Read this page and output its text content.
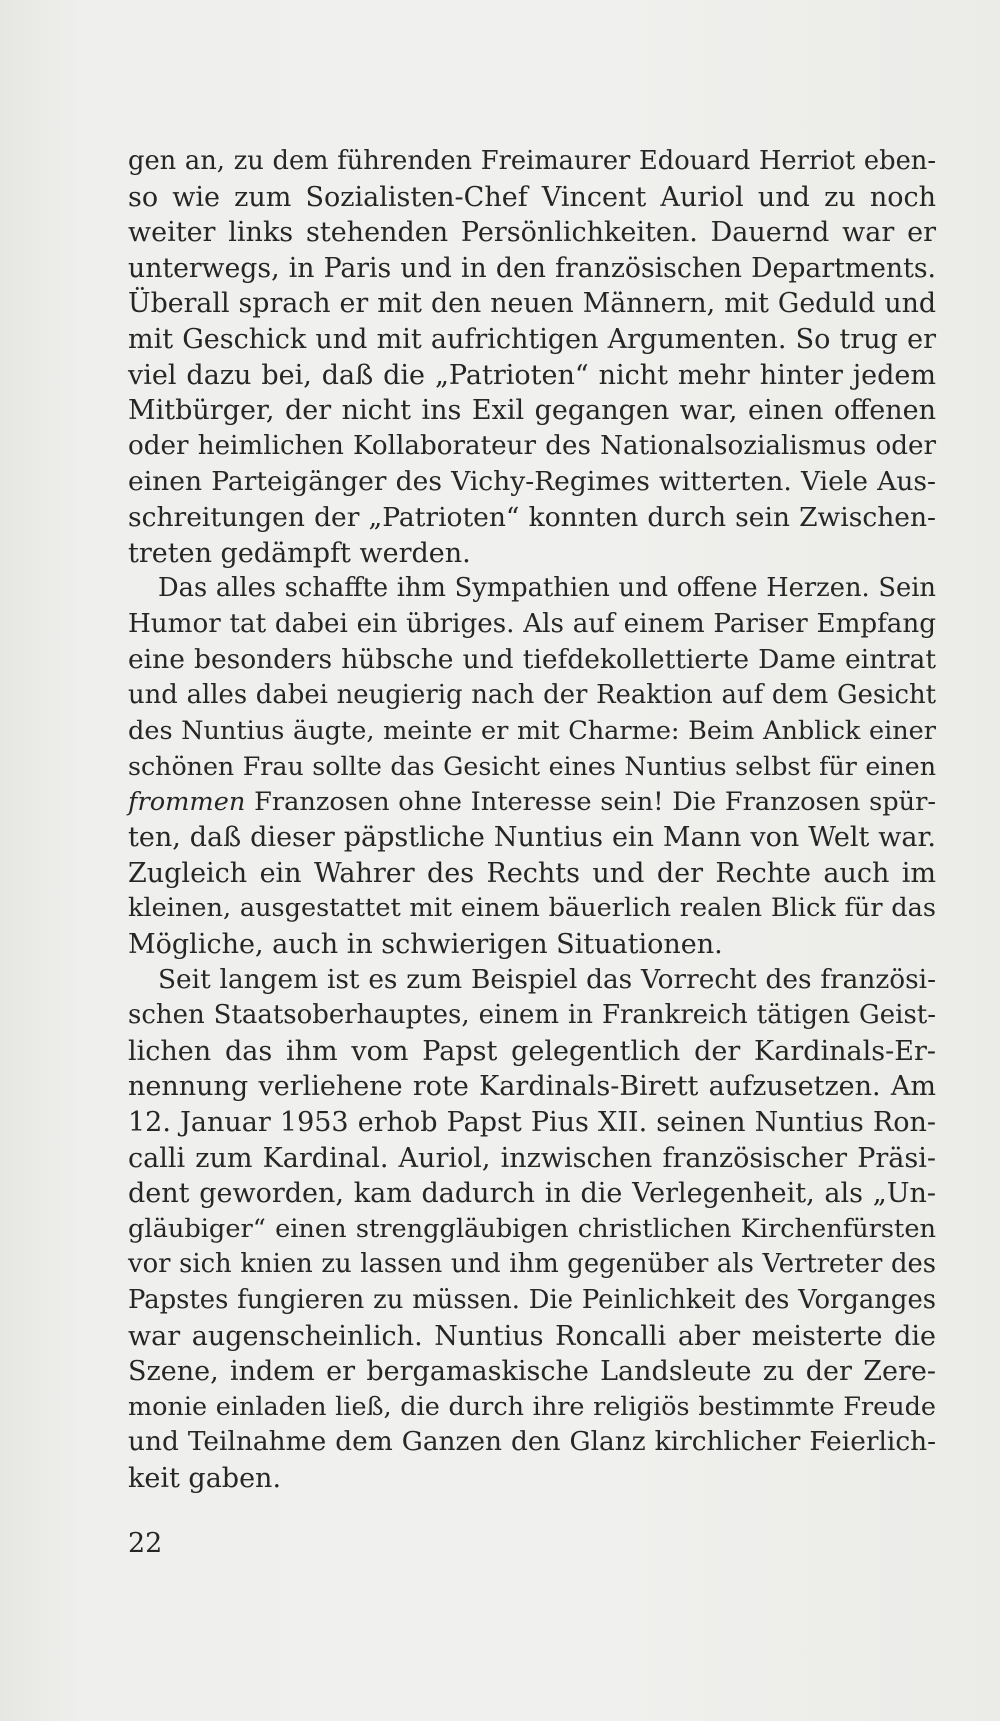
gen an, zu dem führenden Freimaurer Edouard Herriot eben-
so wie zum Sozialisten-Chef Vincent Auriol und zu noch
weiter links stehenden Persönlichkeiten. Dauernd war er
unterwegs, in Paris und in den französischen Departments.
Überall sprach er mit den neuen Männern, mit Geduld und
mit Geschick und mit aufrichtigen Argumenten. So trug er
viel dazu bei, daß die „Patrioten“ nicht mehr hinter jedem
Mitbürger, der nicht ins Exil gegangen war, einen offenen
oder heimlichen Kollaborateur des Nationalsozialismus oder
einen Parteigänger des Vichy-Regimes witterten. Viele Aus-
schreitungen der „Patrioten“ konnten durch sein Zwischen-
treten gedämpft werden.
Das alles schaffte ihm Sympathien und offene Herzen. Sein
Humor tat dabei ein übriges. Als auf einem Pariser Empfang
eine besonders hübsche und tiefdekollettierte Dame eintrat
und alles dabei neugierig nach der Reaktion auf dem Gesicht
des Nuntius äugte, meinte er mit Charme: Beim Anblick einer
schönen Frau sollte das Gesicht eines Nuntius selbst für einen
frommen Franzosen ohne Interesse sein! Die Franzosen spür-
ten, daß dieser päpstliche Nuntius ein Mann von Welt war.
Zugleich ein Wahrer des Rechts und der Rechte auch im
kleinen, ausgestattet mit einem bäuerlich realen Blick für das
Mögliche, auch in schwierigen Situationen.
Seit langem ist es zum Beispiel das Vorrecht des französi-
schen Staatsoberhauptes, einem in Frankreich tätigen Geist-
lichen das ihm vom Papst gelegentlich der Kardinals-Er-
nennung verliehene rote Kardinals-Birett aufzusetzen. Am
12. Januar 1953 erhob Papst Pius XII. seinen Nuntius Ron-
calli zum Kardinal. Auriol, inzwischen französischer Präsi-
dent geworden, kam dadurch in die Verlegenheit, als „Un-
gläubiger“ einen strenggläubigen christlichen Kirchenfürsten
vor sich knien zu lassen und ihm gegenüber als Vertreter des
Papstes fungieren zu müssen. Die Peinlichkeit des Vorganges
war augenscheinlich. Nuntius Roncalli aber meisterte die
Szene, indem er bergamaskische Landsleute zu der Zere-
monie einladen ließ, die durch ihre religiös bestimmte Freude
und Teilnahme dem Ganzen den Glanz kirchlicher Feierlich-
keit gaben.
22
